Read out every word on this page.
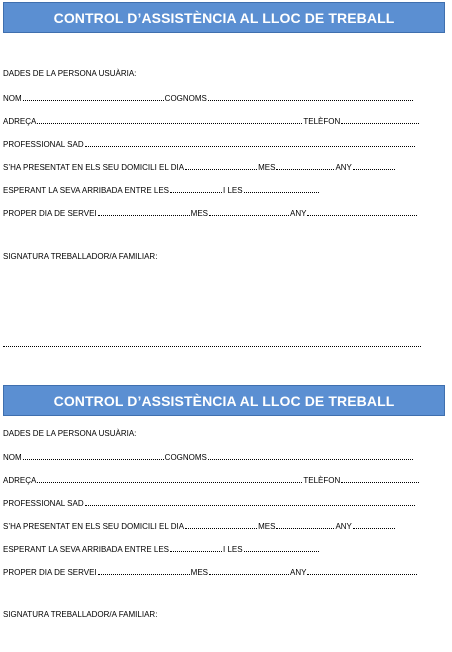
CONTROL D’ASSISTÈNCIA AL LLOC DE TREBALL
DADES DE LA PERSONA USUÀRIA:
NOM	COGNOMS
ADREÇA	TELÈFON
PROFESSIONAL SAD
S’HA PRESENTAT EN ELS SEU DOMICILI EL DIA	MES	ANY
ESPERANT LA SEVA ARRIBADA ENTRE LES	I LES
PROPER DIA DE SERVEI	MES	ANY
SIGNATURA TREBALLADOR/A FAMILIAR:
CONTROL D’ASSISTÈNCIA AL LLOC DE TREBALL
DADES DE LA PERSONA USUÀRIA:
NOM	COGNOMS
ADREÇA	TELÈFON
PROFESSIONAL SAD
S’HA PRESENTAT EN ELS SEU DOMICILI EL DIA	MES	ANY
ESPERANT LA SEVA ARRIBADA ENTRE LES	I LES
PROPER DIA DE SERVEI	MES	ANY
SIGNATURA TREBALLADOR/A FAMILIAR:
